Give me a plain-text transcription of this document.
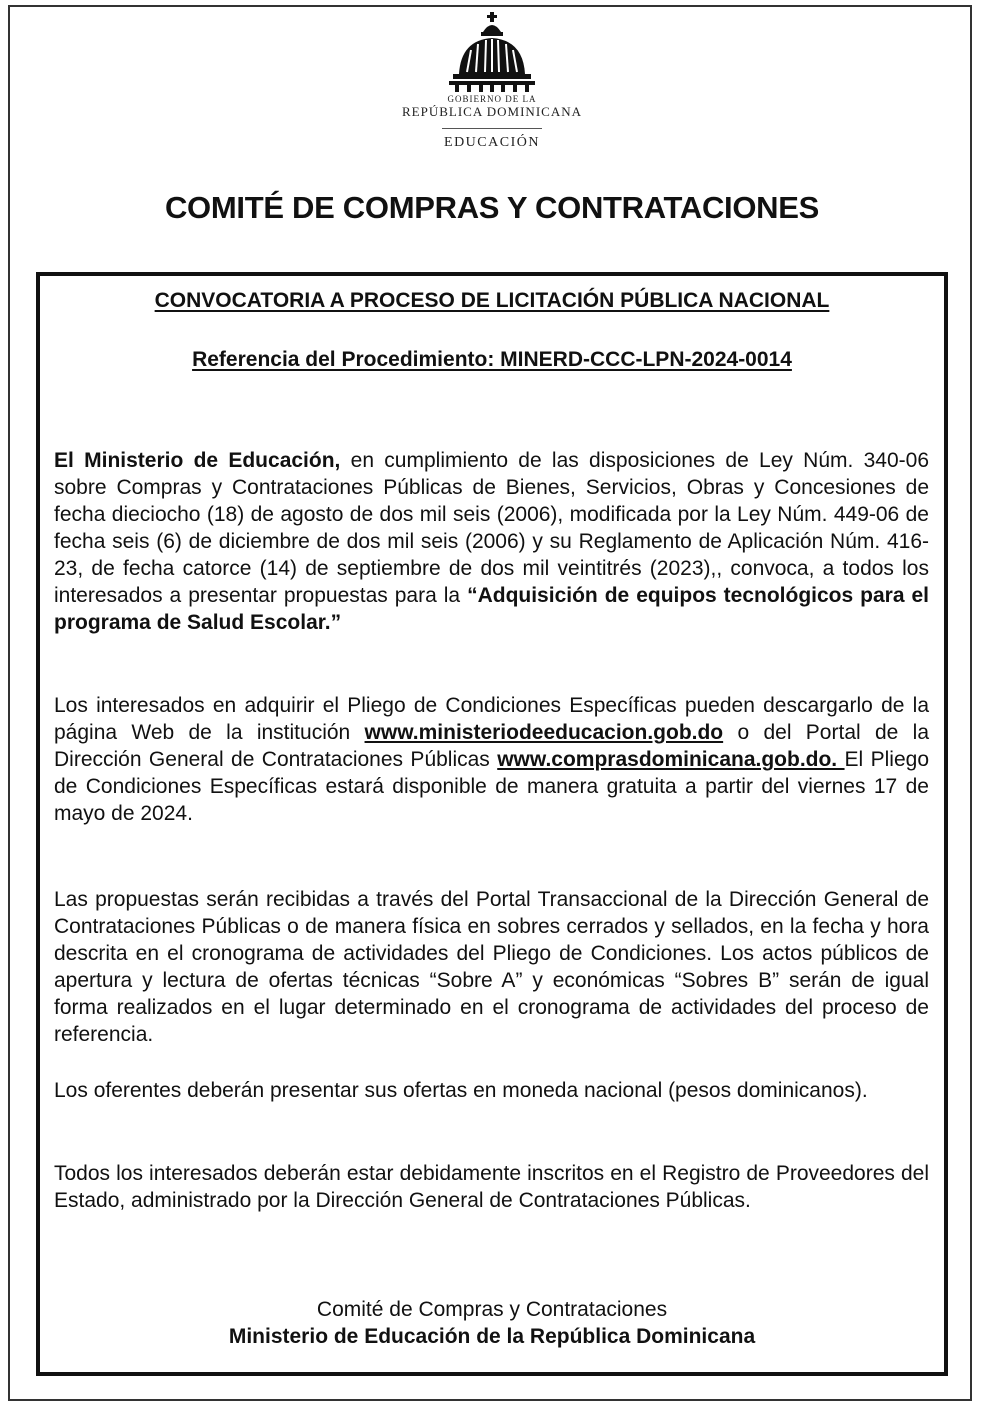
GOBIERNO DE LA
REPÚBLICA DOMINICANA
EDUCACIÓN
COMITÉ DE COMPRAS Y CONTRATACIONES
CONVOCATORIA A PROCESO DE LICITACIÓN PÚBLICA NACIONAL
Referencia del Procedimiento: MINERD-CCC-LPN-2024-0014

El Ministerio de Educación, en cumplimiento de las disposiciones de Ley Núm. 340-06 sobre Compras y Contrataciones Públicas de Bienes, Servicios, Obras y Concesiones de fecha dieciocho (18) de agosto de dos mil seis (2006), modificada por la Ley Núm. 449-06 de fecha seis (6) de diciembre de dos mil seis (2006) y su Reglamento de Aplicación Núm. 416-23, de fecha catorce (14) de septiembre de dos mil veintitrés (2023),, convoca, a todos los interesados a presentar propuestas para la “Adquisición de equipos tecnológicos para el programa de Salud Escolar.”

Los interesados en adquirir el Pliego de Condiciones Específicas pueden descargarlo de la página Web de la institución www.ministeriodeeducacion.gob.do o del Portal de la Dirección General de Contrataciones Públicas www.comprasdominicana.gob.do. El Pliego de Condiciones Específicas estará disponible de manera gratuita a partir del viernes 17 de mayo de 2024.

Las propuestas serán recibidas a través del Portal Transaccional de la Dirección General de Contrataciones Públicas o de manera física en sobres cerrados y sellados, en la fecha y hora descrita en el cronograma de actividades del Pliego de Condiciones. Los actos públicos de apertura y lectura de ofertas técnicas “Sobre A” y económicas “Sobres B” serán de igual forma realizados en el lugar determinado en el cronograma de actividades del proceso de referencia.

Los oferentes deberán presentar sus ofertas en moneda nacional (pesos dominicanos).

Todos los interesados deberán estar debidamente inscritos en el Registro de Proveedores del Estado, administrado por la Dirección General de Contrataciones Públicas.

Comité de Compras y Contrataciones
Ministerio de Educación de la República Dominicana
